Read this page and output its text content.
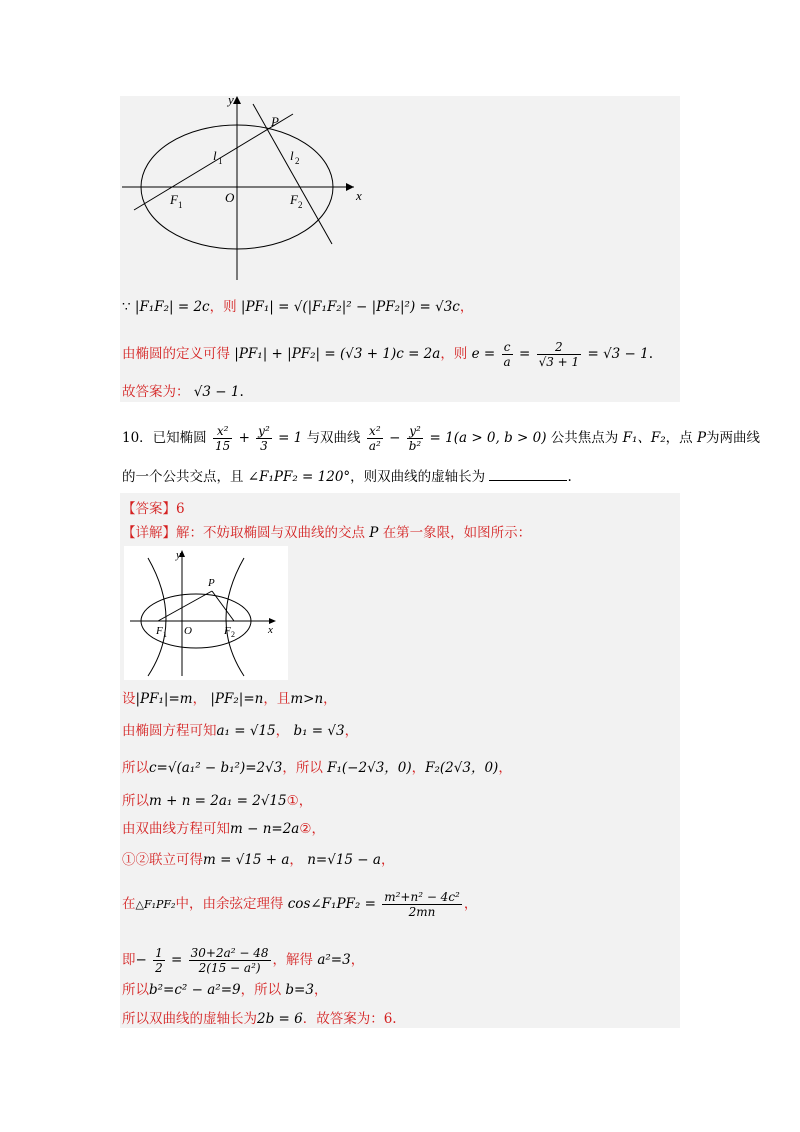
y
x
P
l 1	l 2
F 1	O	F 2
∵ |F₁F₂| = 2c，则 |PF₁| = √(|F₁F₂|² − |PF₂|²) = √3c，
由椭圆的定义可得 |PF₁| + |PF₂| = (√3 + 1)c = 2a，则 $e = \frac{c}{a} = \frac{2}{√3 + 1} = √3 - 1$.
故答案为： √3 − 1.
10．已知椭圆 $\frac{\text{x²}}{15} + \frac{\text{y²}}{3} = 1$ 与双曲线 $\frac{\text{x²}}{\text{a²}} - \frac{\text{y²}}{\text{b²}} = 1(a > 0$, b > 0) 公共焦点为 F₁、F₂，点 P为两曲线
的一个公共交点，且 ∠F₁PF₂ = 120°，则双曲线的虚轴长为	.
【答案】6
【详解】解：不妨取椭圆与双曲线的交点 P 在第一象限，如图所示：
y
x
P
F 1 O	F 2
设|PF₁|=m， |PF₂|=n，且m>n，
由椭圆方程可知a₁ = √15， b₁ = √3，
所以c=√(a₁² − b₁²)=2√3，所以 F₁(−2√3，0)，F₂(2√3，0)，
所以m + n = 2a₁ = 2√15①，
由双曲线方程可知m − n=2a②，
①②联立可得m = √15 + a， n=√15 − a，
在△F₁PF₂中，由余弦定理得 cos∠F₁PF₂ = $\frac{\text{m²+n² − 4c²}}{2mn}$ ，
即− $\frac{1}{2} = \frac{\text{30+2a² − 48}}{\text{2(15 − a²)}}$ ，解得 a²=3，
所以b²=c² − a²=9，所以 b=3，
所以双曲线的虚轴长为2b = 6．故答案为：6.
